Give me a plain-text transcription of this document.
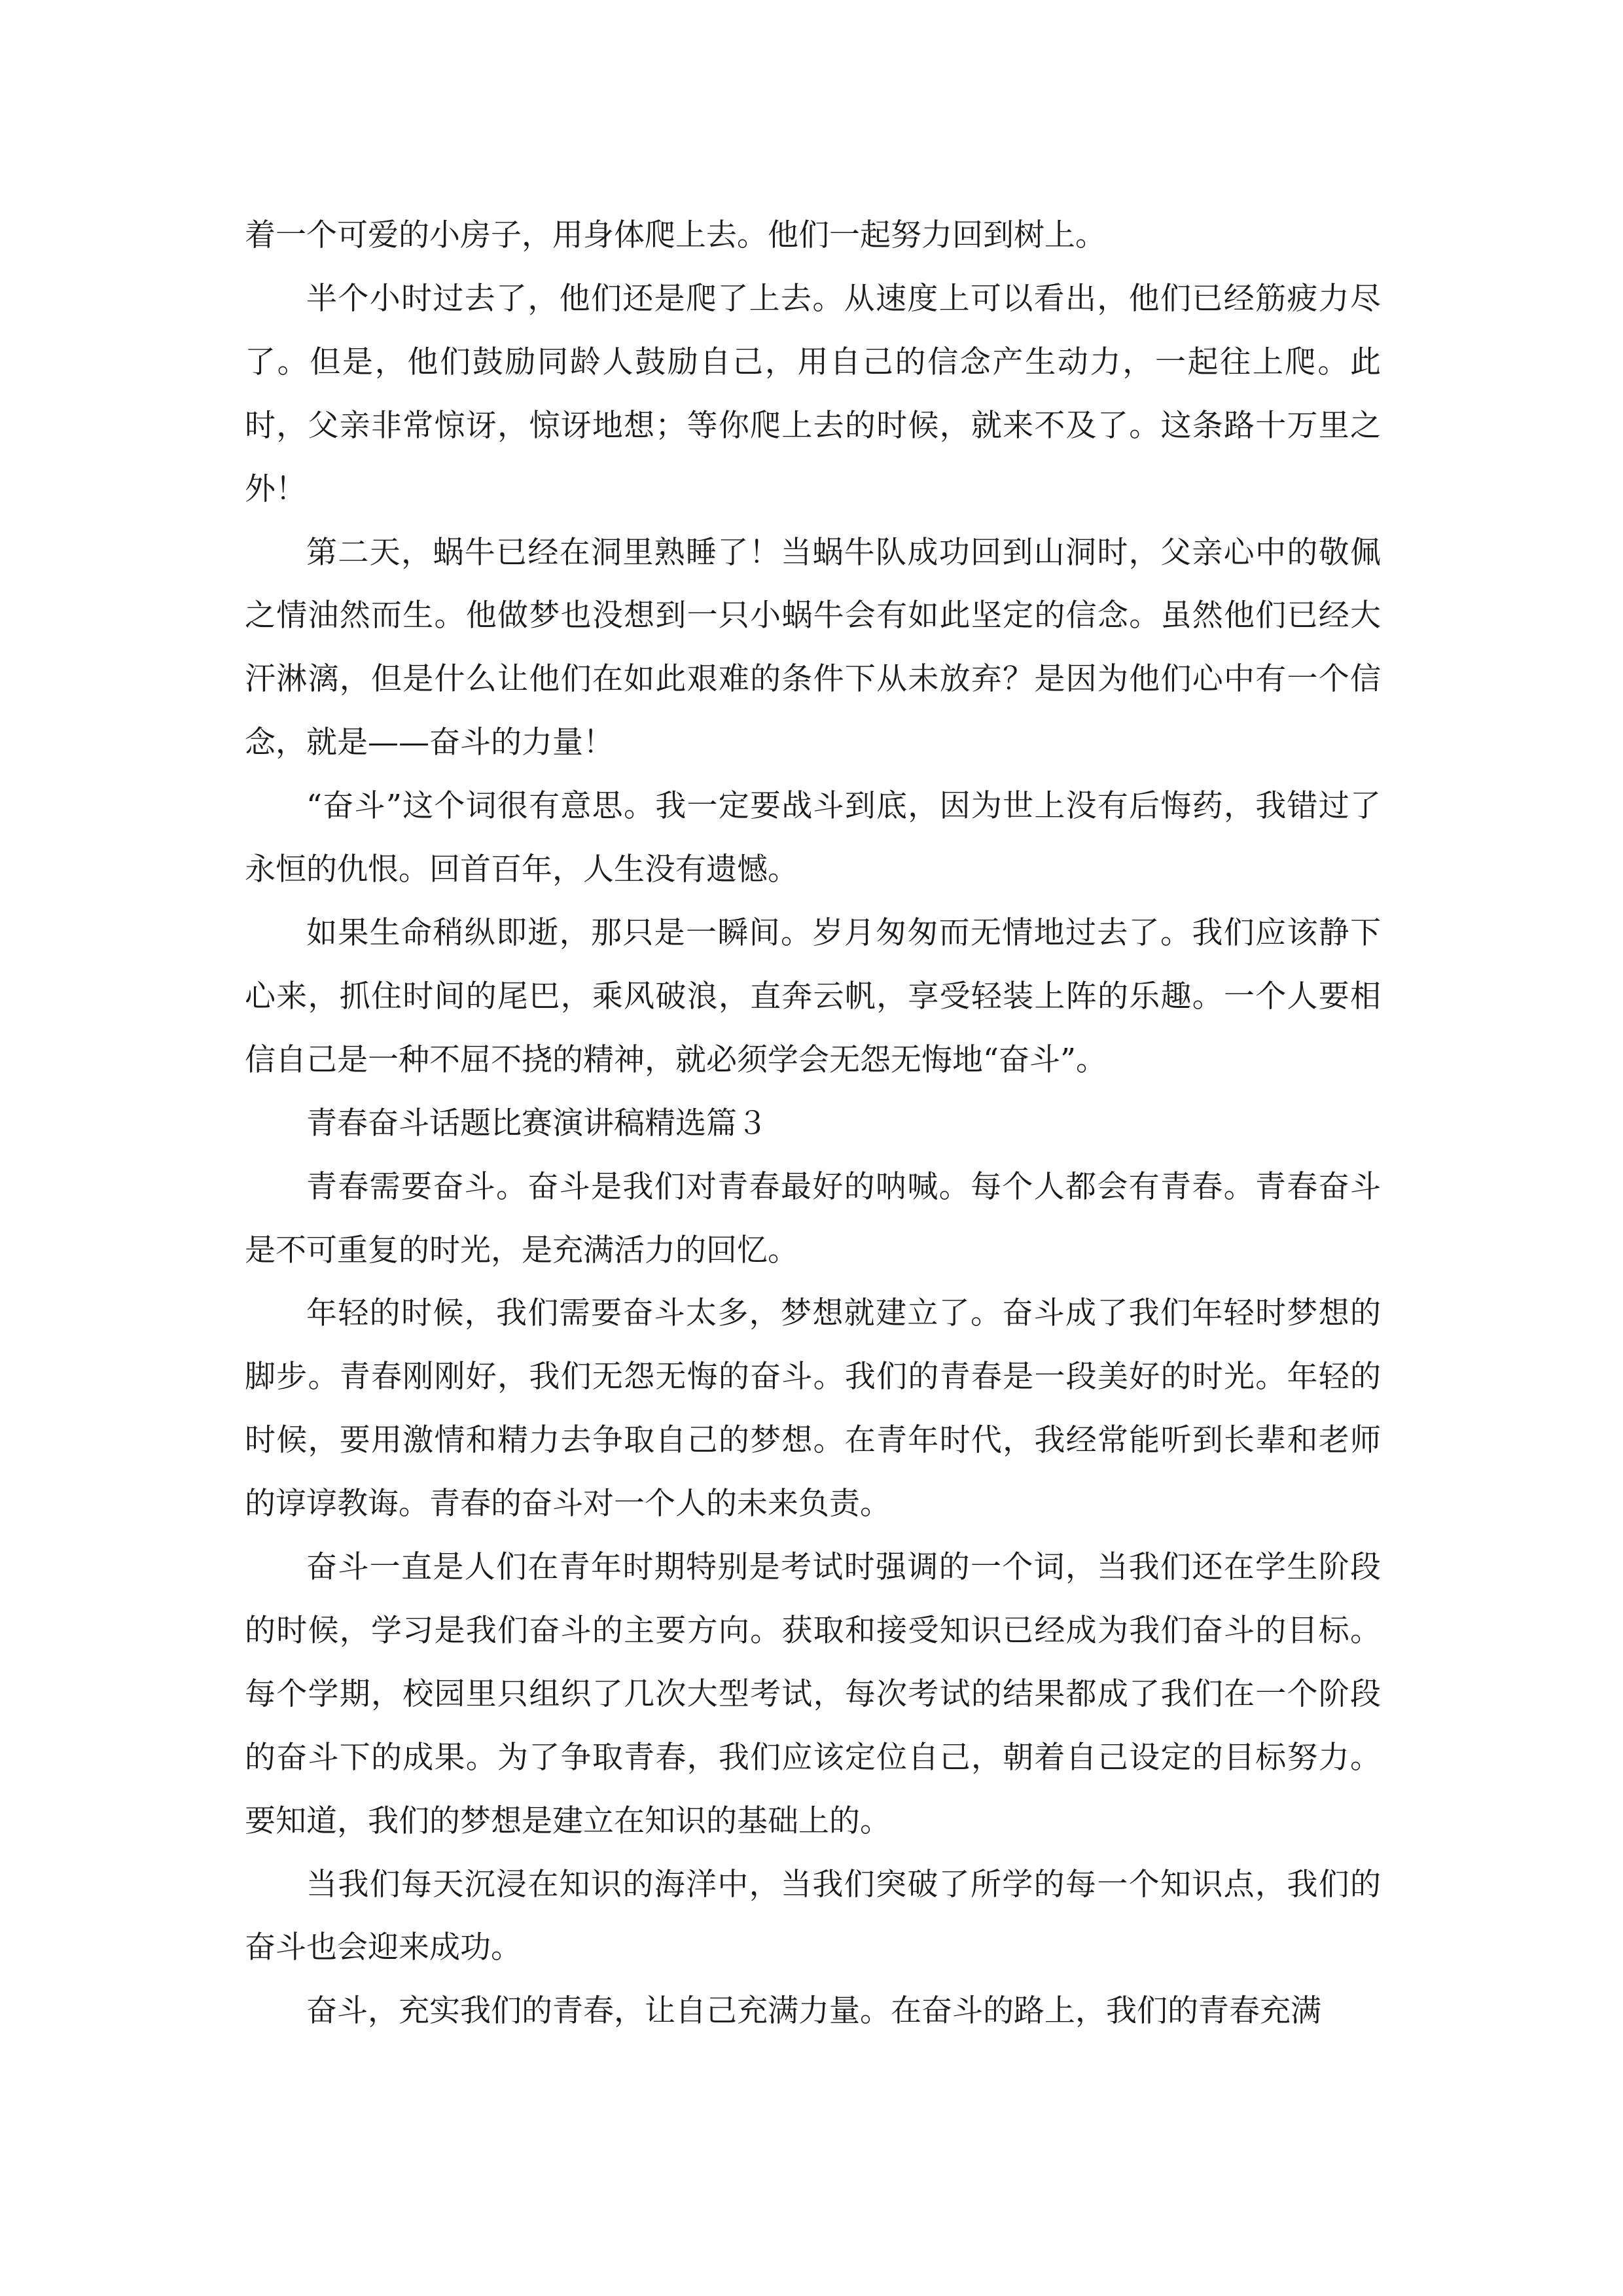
着一个可爱的小房子，用身体爬上去。他们一起努力回到树上。

半个小时过去了，他们还是爬了上去。从速度上可以看出，他们已经筋疲力尽了。但是，他们鼓励同龄人鼓励自己，用自己的信念产生动力，一起往上爬。此时，父亲非常惊讶，惊讶地想；等你爬上去的时候，就来不及了。这条路十万里之外！

第二天，蜗牛已经在洞里熟睡了！当蜗牛队成功回到山洞时，父亲心中的敬佩之情油然而生。他做梦也没想到一只小蜗牛会有如此坚定的信念。虽然他们已经大汗淋漓，但是什么让他们在如此艰难的条件下从未放弃？是因为他们心中有一个信念，就是——奋斗的力量！

“奋斗”这个词很有意思。我一定要战斗到底，因为世上没有后悔药，我错过了永恒的仇恨。回首百年，人生没有遗憾。

如果生命稍纵即逝，那只是一瞬间。岁月匆匆而无情地过去了。我们应该静下心来，抓住时间的尾巴，乘风破浪，直奔云帆，享受轻装上阵的乐趣。一个人要相信自己是一种不屈不挠的精神，就必须学会无怨无悔地“奋斗”。

青春奋斗话题比赛演讲稿精选篇３

青春需要奋斗。奋斗是我们对青春最好的呐喊。每个人都会有青春。青春奋斗是不可重复的时光，是充满活力的回忆。

年轻的时候，我们需要奋斗太多，梦想就建立了。奋斗成了我们年轻时梦想的脚步。青春刚刚好，我们无怨无悔的奋斗。我们的青春是一段美好的时光。年轻的时候，要用激情和精力去争取自己的梦想。在青年时代，我经常能听到长辈和老师的谆谆教诲。青春的奋斗对一个人的未来负责。

奋斗一直是人们在青年时期特别是考试时强调的一个词，当我们还在学生阶段的时候，学习是我们奋斗的主要方向。获取和接受知识已经成为我们奋斗的目标。每个学期，校园里只组织了几次大型考试，每次考试的结果都成了我们在一个阶段的奋斗下的成果。为了争取青春，我们应该定位自己，朝着自己设定的目标努力。要知道，我们的梦想是建立在知识的基础上的。

当我们每天沉浸在知识的海洋中，当我们突破了所学的每一个知识点，我们的奋斗也会迎来成功。

奋斗，充实我们的青春，让自己充满力量。在奋斗的路上，我们的青春充满
